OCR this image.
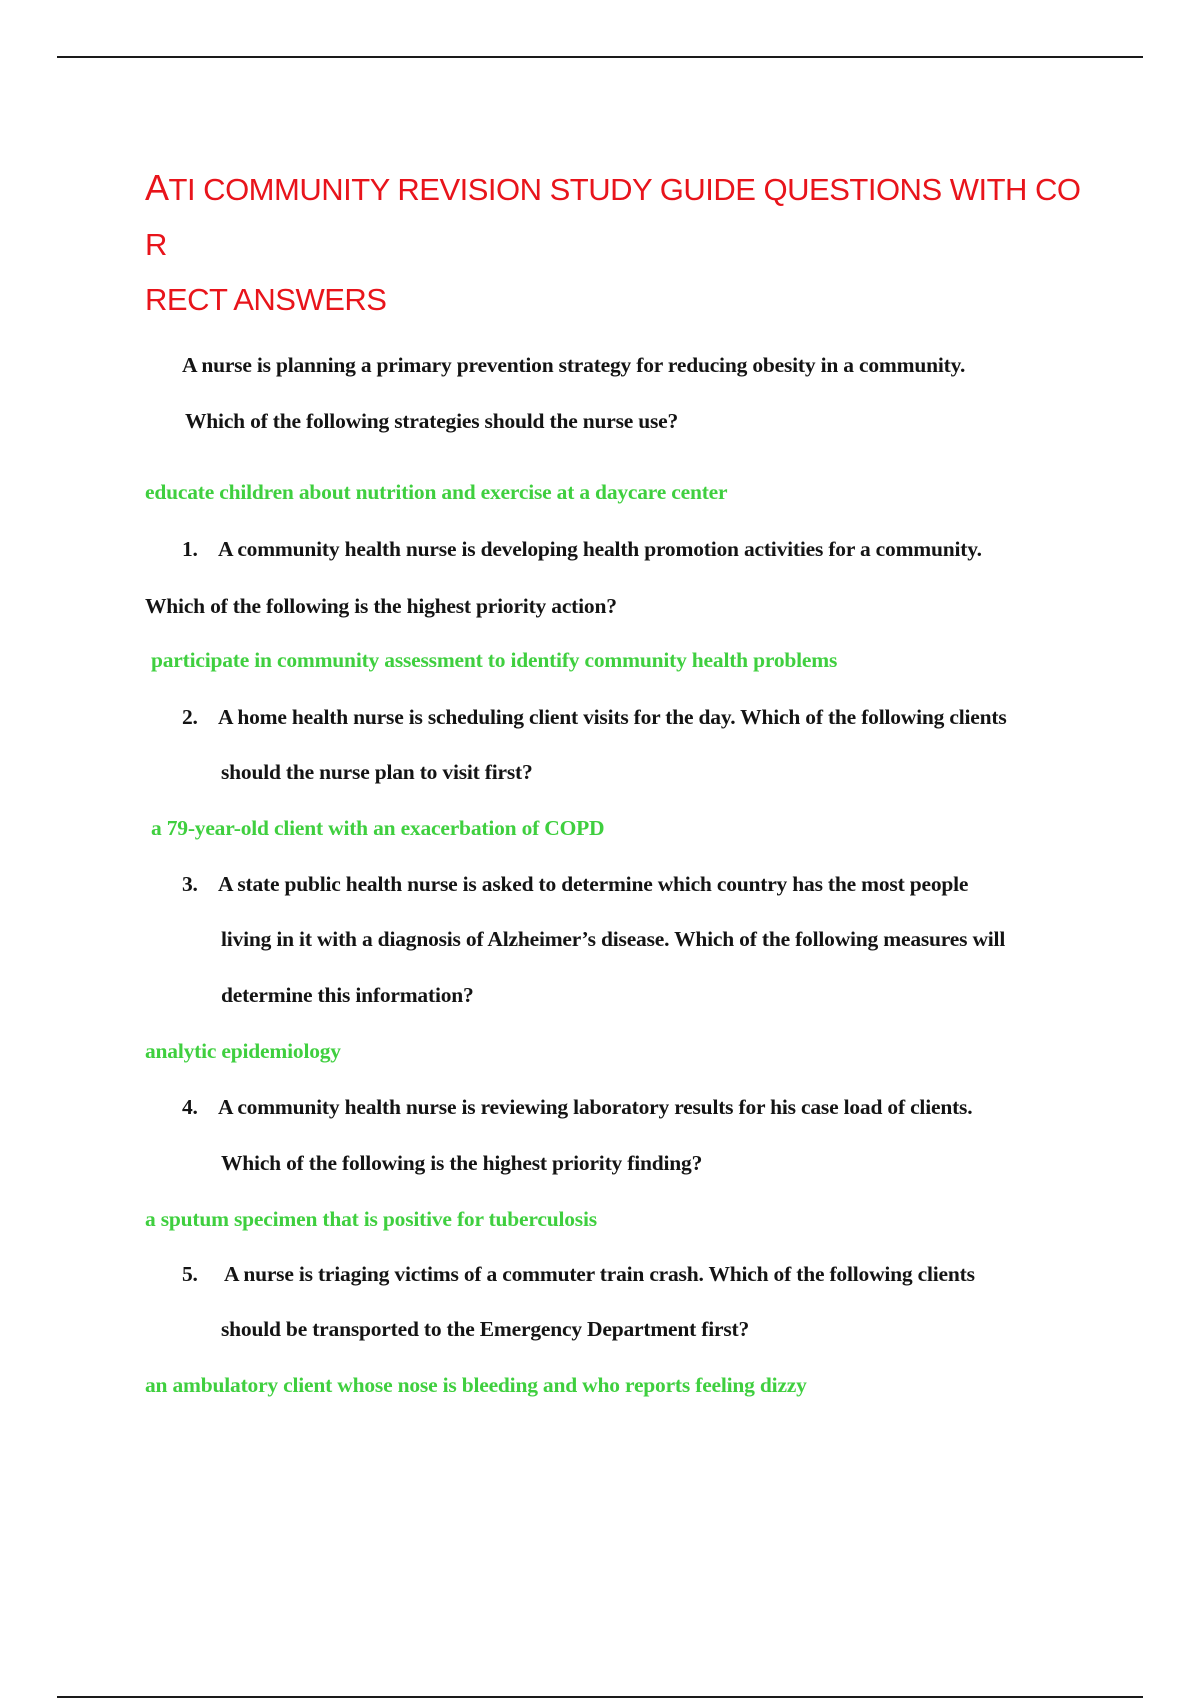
ATI COMMUNITY REVISION STUDY GUIDE QUESTIONS WITH COR
RECT ANSWERS
A nurse is planning a primary prevention strategy for reducing obesity in a community.
Which of the following strategies should the nurse use?
educate children about nutrition and exercise at a daycare center
1. A community health nurse is developing health promotion activities for a community.
Which of the following is the highest priority action?
participate in community assessment to identify community health problems
2. A home health nurse is scheduling client visits for the day. Which of the following clients
should the nurse plan to visit first?
a 79-year-old client with an exacerbation of COPD
3. A state public health nurse is asked to determine which country has the most people
living in it with a diagnosis of Alzheimer’s disease. Which of the following measures will
determine this information?
analytic epidemiology
4. A community health nurse is reviewing laboratory results for his case load of clients.
Which of the following is the highest priority finding?
a sputum specimen that is positive for tuberculosis
5. A nurse is triaging victims of a commuter train crash. Which of the following clients
should be transported to the Emergency Department first?
an ambulatory client whose nose is bleeding and who reports feeling dizzy
